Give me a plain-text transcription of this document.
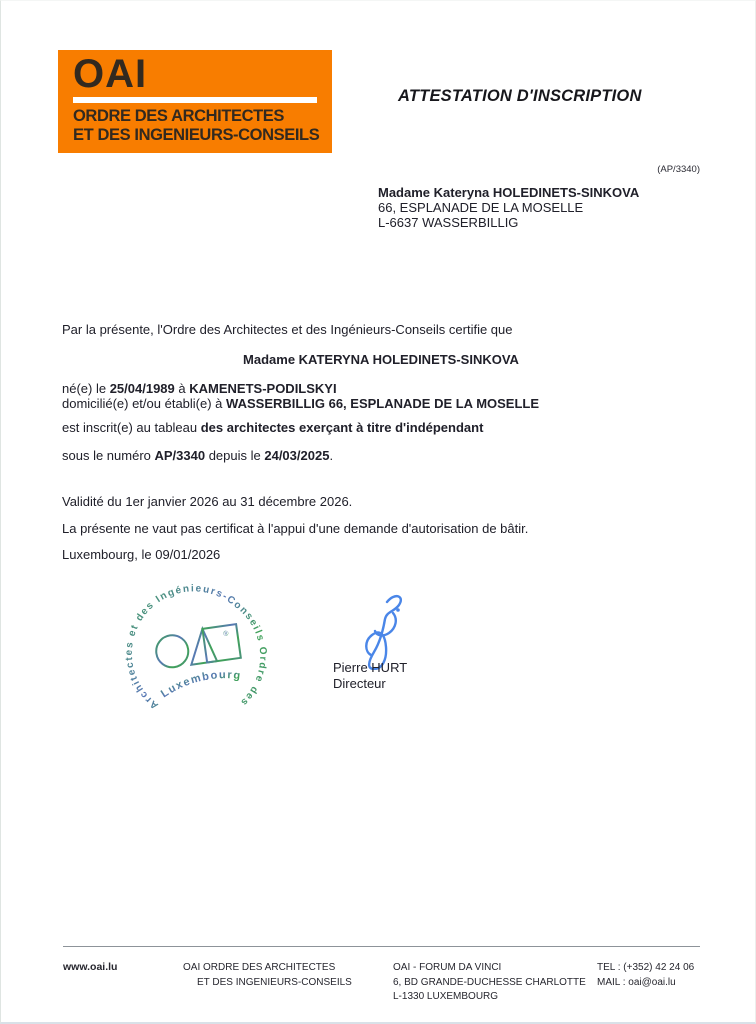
OAI
ORDRE DES ARCHITECTES
ET DES INGENIEURS-CONSEILS
ATTESTATION D'INSCRIPTION
(AP/3340)
Madame Kateryna HOLEDINETS-SINKOVA
66, ESPLANADE DE LA MOSELLE
L-6637 WASSERBILLIG
Par la présente, l'Ordre des Architectes et des Ingénieurs-Conseils certifie que
Madame KATERYNA HOLEDINETS-SINKOVA
né(e) le 25/04/1989 à KAMENETS-PODILSKYI
domicilié(e) et/ou établi(e) à WASSERBILLIG 66, ESPLANADE DE LA MOSELLE
est inscrit(e) au tableau des architectes exerçant à titre d'indépendant
sous le numéro AP/3340 depuis le 24/03/2025.
Validité du 1er janvier 2026 au 31 décembre 2026.
La présente ne vaut pas certificat à l'appui d'une demande d'autorisation de bâtir.
Luxembourg, le 09/01/2026
Architectes et des Ingénieurs-Conseils Ordre des
®
Luxembourg
Pierre HURT
Directeur
www.oai.lu	OAI ORDRE DES ARCHITECTES
ET DES INGENIEURS-CONSEILS
OAI - FORUM DA VINCI
6, BD GRANDE-DUCHESSE CHARLOTTE
L-1330 LUXEMBOURG
TEL : (+352) 42 24 06
MAIL : oai@oai.lu
